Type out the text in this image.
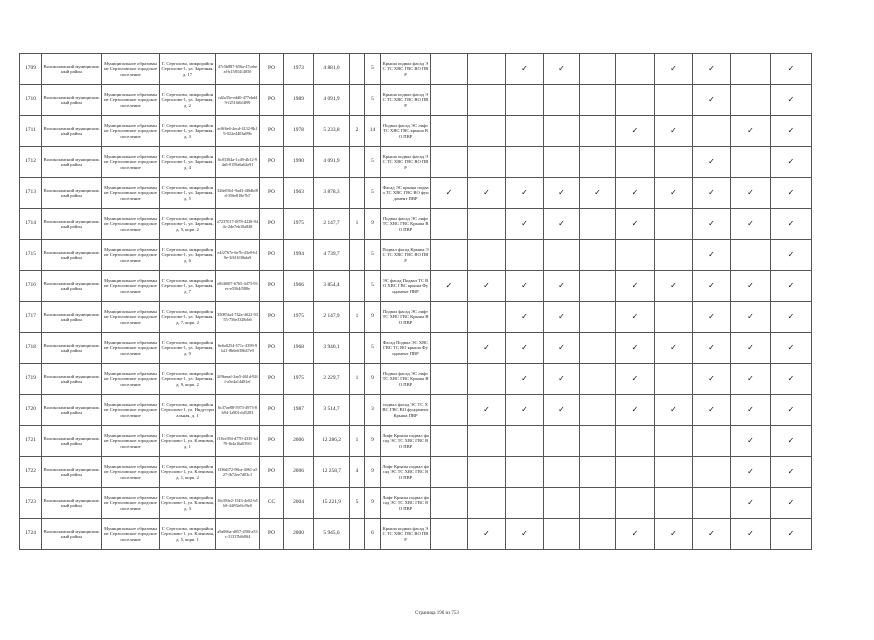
1709	Волоколамский муниципальный район	Муниципальное образование Сертоловское городское поселение	Г. Сертолово, микрорайон Сертолово-1, ул. Заречная, д. 17	47c5b887-656a-47cebeaf-b1583414050	РО	1973	4 881,0		5	Крыша подвал фасад ЭС ТС ХВС ГВС ВО ПВР			✓	✓			✓	✓		✓
1710	Волоколамский муниципальный район	Муниципальное образование Сертоловское городское поселение	Г. Сертолово, микрорайон Сертолово-1, ул. Заречная, д. 2	cd2a35e-edd0-477ebd49-f2516f6f4f99	РО	1989	4 091,9		5	Крыша подвал фасад ЭС ТС ХВС ГВС ВО ПВР								✓		✓
1711	Волоколамский муниципальный район	Муниципальное образование Сертоловское городское поселение	Г. Сертолово, микрорайон Сертолово-1, ул. Заречная, д. 3	ec8f6e6-4ecd-4132-8b19-022e4403a09b	РО	1978	5 233,8	2	14	Подвал фасад ЭС лифт ТС ХВС ГВС крыша ВО ПВР						✓	✓		✓	✓
1712	Волоколамский муниципальный район	Муниципальное образование Сертоловское городское поселение	Г. Сертолово, микрорайон Сертолово-1, ул. Заречная, д. 4	6c03364a-1c49-4b12-94a6-9159a6a62e91	РО	1990	4 091,9		5	Крыша подвал фасад ЭС ТС ХВС ГВС ВО ПВР								✓		✓
1713	Волоколамский муниципальный район	Муниципальное образование Сертоловское городское поселение	Г. Сертолово, микрорайон Сертолово-1, ул. Заречная, д. 5	326e03b1-9ad3-4f0dbf8d-356e818e7b7	РО	1963	3 878,3		5	Фасад ЭС крыша подвал ТС ХВС ГВС ВО фундамент ПВР	✓	✓	✓	✓	✓	✓	✓	✓	✓	✓
1714	Волоколамский муниципальный район	Муниципальное образование Сертоловское городское поселение	Г. Сертолово, микрорайон Сертолово-1, ул. Заречная, д. 5, корп. 2	a7237017-f878-4228-944c-2de7eb10a848	РО	1975	2 147,7	1	9	Подвал фасад ЭС лифт ТС ХВС ГВС Крыша ВО ПВР			✓	✓		✓		✓	✓	✓
1715	Волоколамский муниципальный район	Муниципальное образование Сертоловское городское поселение	Г. Сертолово, микрорайон Сертолово-1, ул. Заречная, д. 6	e4f2767e-6e7b-43e9-b19e-3f61610bda9	РО	1994	4 739,7		5	Подвал фасад Крыша ЭС ТС ХВС ГВС ВО ПВР								✓		✓
1716	Волоколамский муниципальный район	Муниципальное образование Сертоловское городское поселение	Г. Сертолово, микрорайон Сертолово-1, ул. Заречная, д. 7	e8f4f607-6765-4473-93ec-e5564f588e	РО	1966	3 854,4		5	ЭС фасад Подвал ТС ВО ХВС ГВС крыша Фундамент ПВР	✓	✓	✓	✓		✓	✓	✓	✓	✓
1717	Волоколамский муниципальный район	Муниципальное образование Сертоловское городское поселение	Г. Сертолово, микрорайон Сертолово-1, ул. Заречная, д. 7, корп. 2	35085fa4-742a-4022-9355-756e3328cb6	РО	1975	2 147,9	1	9	Подвал фасад ЭС лифт ТС ХВС ГВС Крыша ВО ПВР			✓	✓		✓		✓	✓	✓
1718	Волоколамский муниципальный район	Муниципальное образование Сертоловское городское поселение	Г. Сертолово, микрорайон Сертолово-1, ул. Заречная, д. 9	6e6a0254-571c-4399-9b21-8b6e638647e9	РО	1968	3 940,1		5	Фасад Подвал ЭС ХВС ГВС ТС ВО крыша Фундамент ПВР		✓	✓	✓		✓	✓	✓	✓	✓
1719	Волоколамский муниципальный район	Муниципальное образование Сертоловское городское поселение	Г. Сертолово, микрорайон Сертолово-1, ул. Заречная, д. 9, корп. 2	2f9beeaf-2ae5-461d-92ff-a5e4a14d81ef	РО	1975	2 229,7	1	9	Подвал фасад ЭС лифт ТС ХВС ГВС Крыша ВО ПВР			✓	✓		✓		✓	✓	✓
1720	Волоколамский муниципальный район	Муниципальное образование Сертоловское городское поселение	Г. Сертолово, микрорайон Сертолово-1, ул. Индустриальная, д. 1	6c37ae88-5973-4973-8b94-1a901cbf5283	РО	1987	3 514,7		3	подвал фасад ЭС ТС ХВС ГВС ВО фундамент Крыша ПВР		✓	✓	✓		✓	✓	✓	✓	✓
1721	Волоколамский муниципальный район	Муниципальное образование Сертоловское городское поселение	Г. Сертолово, микрорайон Сертолово-1, ул. Кленовая, д. 1	f18ce394-d770-4335-b470-fb4a16a039f1	РО	2006	12 286,2	1	9	Лифт Крыша подвал фасад ЭС ТС ХВС ГВС ВО ПВР									✓	✓
1722	Волоколамский муниципальный район	Муниципальное образование Сертоловское городское поселение	Г. Сертолово, микрорайон Сертолово-1, ул. Кленовая, д. 1, корп. 2	f336df72-98ca-4061-a527-fb72ee7d03c1	РО	2006	12 258,7	4	9	Лифт Крыша подвал фасад ЭС ТС ХВС ГВС ВО ПВР									✓	✓
1723	Волоколамский муниципальный район	Муниципальное образование Сертоловское городское поселение	Г. Сертолово, микрорайон Сертолово-1, ул. Кленовая, д. 3	16c58fe2-1543-4e02-b5b9-44f92e0cf9e0	СС	2004	15 221,9	5	9	Лифт Крыша подвал фасад ЭС ТС ХВС ГВС ВО ПВР									✓	✓
1724	Волоколамский муниципальный район	Муниципальное образование Сертоловское городское поселение	Г. Сертолово, микрорайон Сертолово-1, ул. Кленовая, д. 5, корп. 1	a9a066a-d057-458f-a53c-31337b8d9f4	РО	2000	5 945,6		6	Крыша подвал фасад ЭС ТС ХВС ГВС ВО ПВР		✓	✓			✓	✓	✓	✓	✓
Страница 196 из 753
